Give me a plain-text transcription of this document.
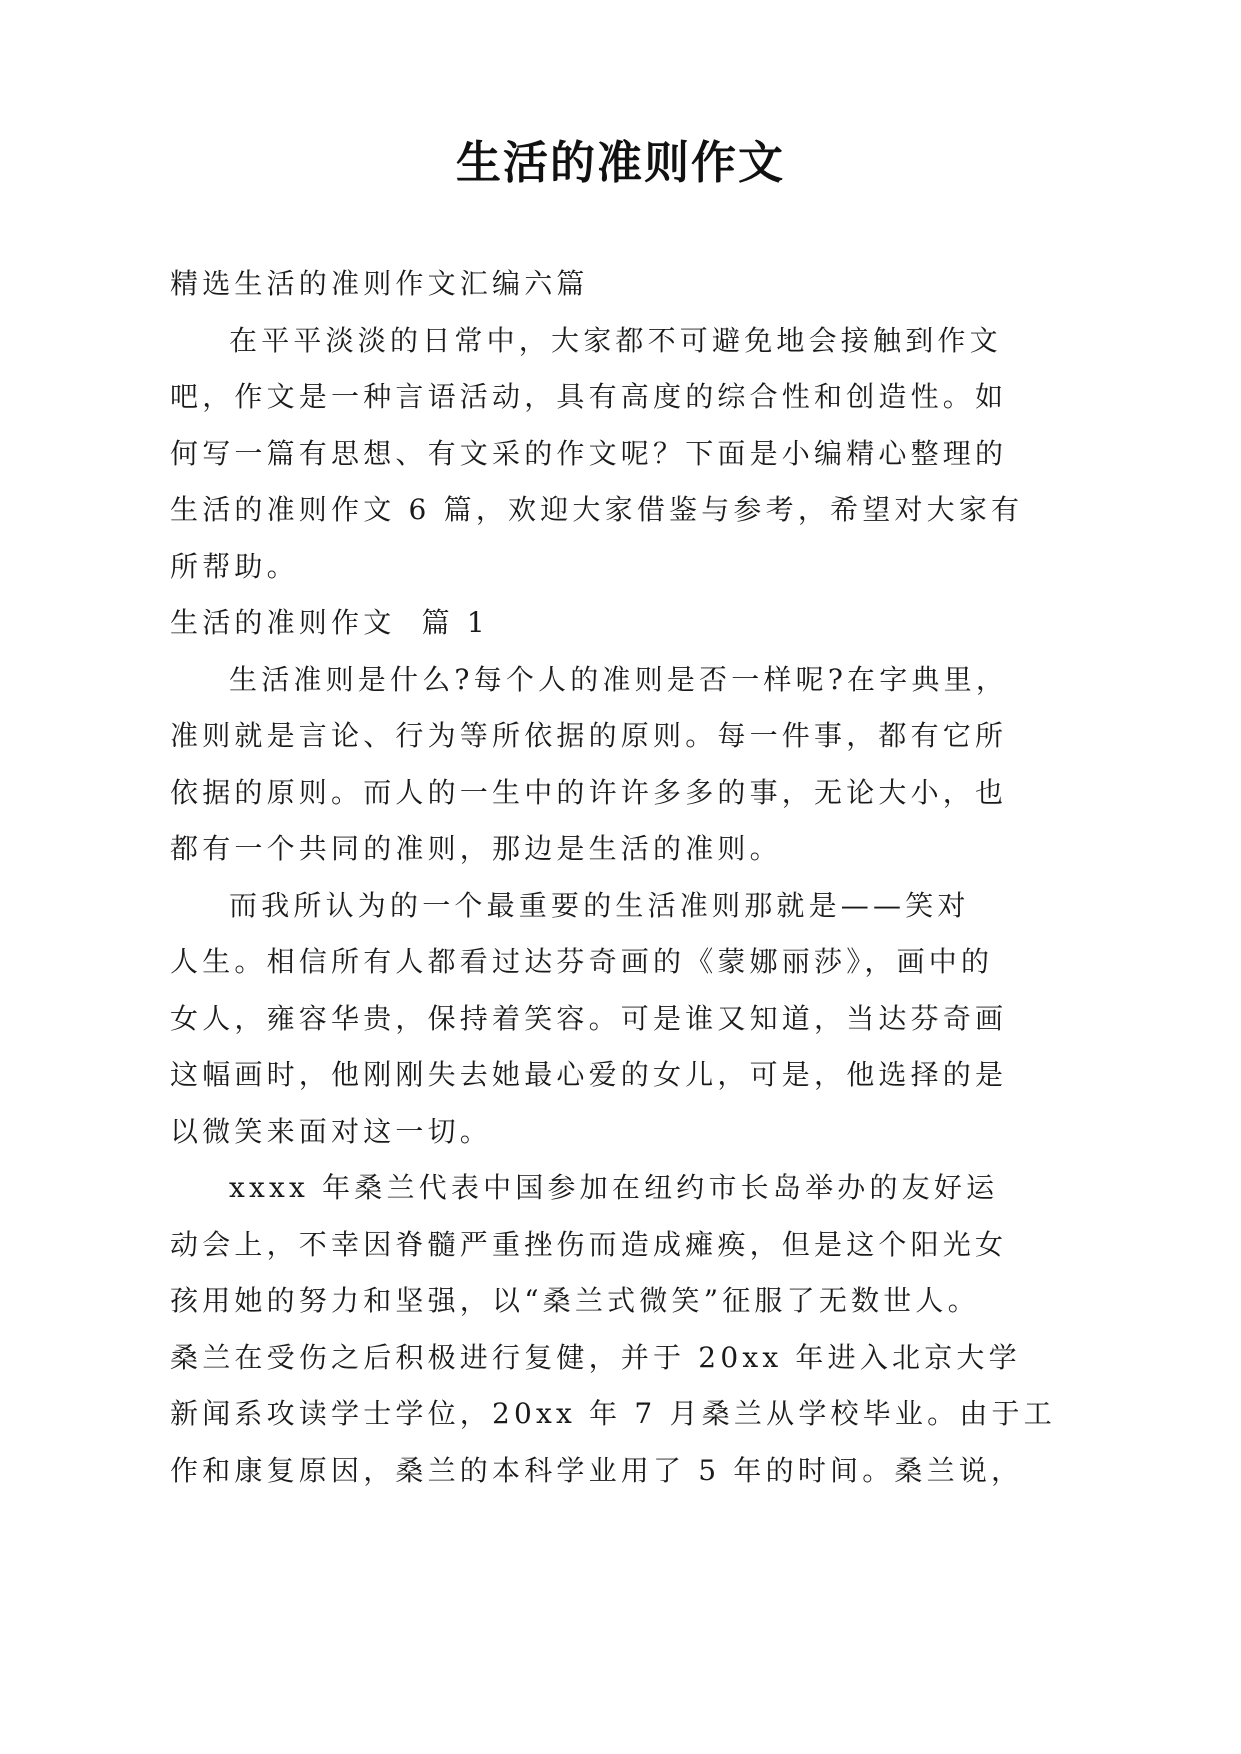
生活的准则作文

精选生活的准则作文汇编六篇

在平平淡淡的日常中，大家都不可避免地会接触到作文

吧，作文是一种言语活动，具有高度的综合性和创造性。如

何写一篇有思想、有文采的作文呢？下面是小编精心整理的

生活的准则作文 6 篇，欢迎大家借鉴与参考，希望对大家有

所帮助。

生活的准则作文  篇 1

生活准则是什么?每个人的准则是否一样呢?在字典里，

准则就是言论、行为等所依据的原则。每一件事，都有它所

依据的原则。而人的一生中的许许多多的事，无论大小，也

都有一个共同的准则，那边是生活的准则。

而我所认为的一个最重要的生活准则那就是——笑对

人生。相信所有人都看过达芬奇画的《蒙娜丽莎》，画中的

女人，雍容华贵，保持着笑容。可是谁又知道，当达芬奇画

这幅画时，他刚刚失去她最心爱的女儿，可是，他选择的是

以微笑来面对这一切。

xxxx 年桑兰代表中国参加在纽约市长岛举办的友好运

动会上，不幸因脊髓严重挫伤而造成瘫痪，但是这个阳光女

孩用她的努力和坚强，以“桑兰式微笑”征服了无数世人。

桑兰在受伤之后积极进行复健，并于 20xx 年进入北京大学

新闻系攻读学士学位，20xx 年 7 月桑兰从学校毕业。由于工

作和康复原因，桑兰的本科学业用了 5 年的时间。桑兰说，
